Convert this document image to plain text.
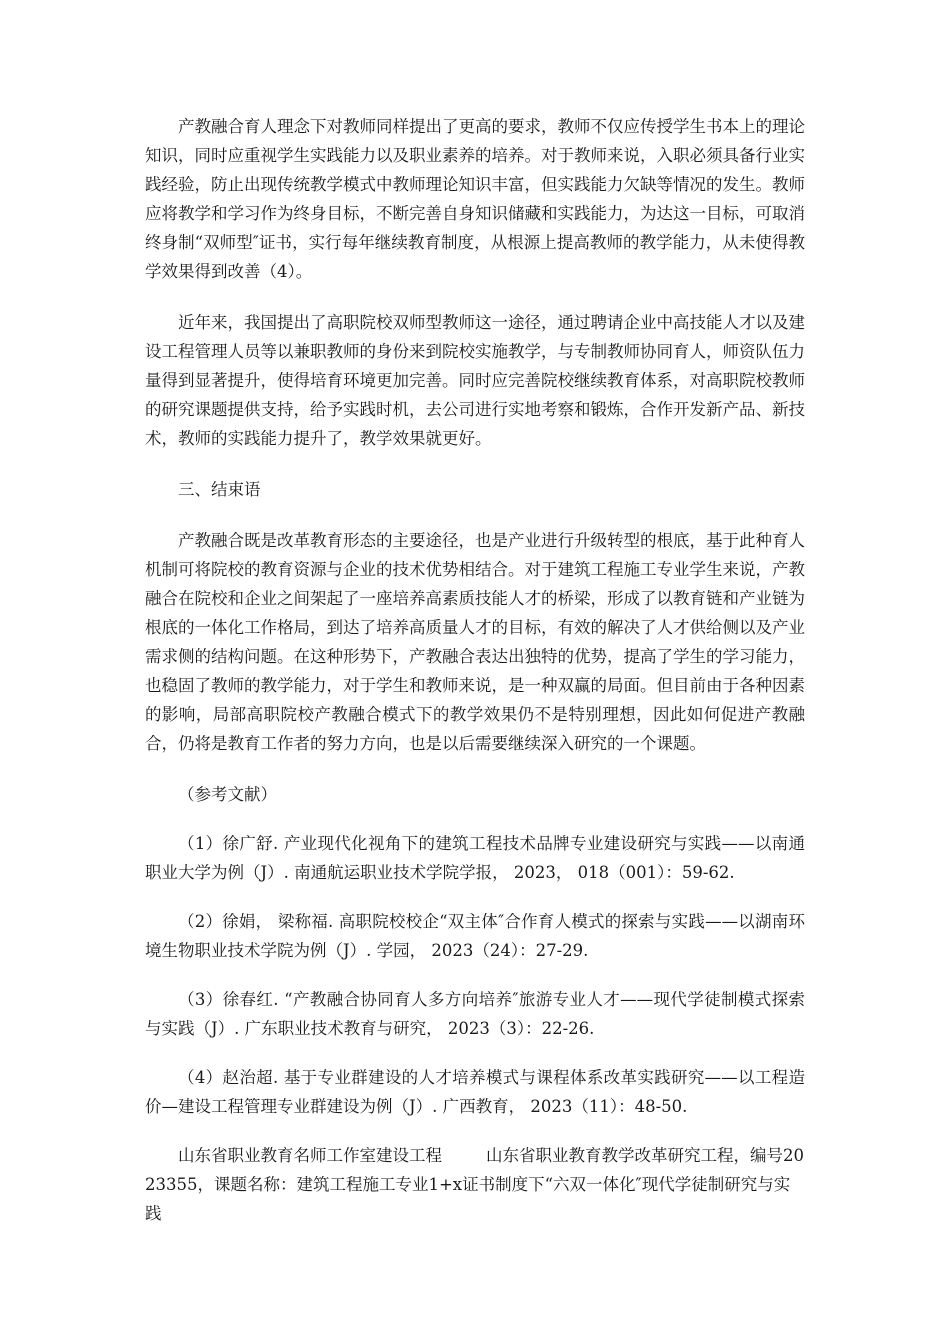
产教融合育人理念下对教师同样提出了更高的要求，教师不仅应传授学生书本上的理论知识，同时应重视学生实践能力以及职业素养的培养。对于教师来说，入职必须具备行业实践经验，防止出现传统教学模式中教师理论知识丰富，但实践能力欠缺等情况的发生。教师应将教学和学习作为终身目标，不断完善自身知识储藏和实践能力，为达这一目标，可取消终身制“双师型″证书，实行每年继续教育制度，从根源上提高教师的教学能力，从未使得教学效果得到改善（4）。

近年来，我国提出了高职院校双师型教师这一途径，通过聘请企业中高技能人才以及建设工程管理人员等以兼职教师的身份来到院校实施教学，与专制教师协同育人，师资队伍力量得到显著提升，使得培育环境更加完善。同时应完善院校继续教育体系，对高职院校教师的研究课题提供支持，给予实践时机，去公司进行实地考察和锻炼，合作开发新产品、新技术，教师的实践能力提升了，教学效果就更好。

三、结束语

产教融合既是改革教育形态的主要途径，也是产业进行升级转型的根底，基于此种育人机制可将院校的教育资源与企业的技术优势相结合。对于建筑工程施工专业学生来说，产教融合在院校和企业之间架起了一座培养高素质技能人才的桥梁，形成了以教育链和产业链为根底的一体化工作格局，到达了培养高质量人才的目标，有效的解决了人才供给侧以及产业需求侧的结构问题。在这种形势下，产教融合表达出独特的优势，提高了学生的学习能力，也稳固了教师的教学能力，对于学生和教师来说，是一种双赢的局面。但目前由于各种因素的影响，局部高职院校产教融合模式下的教学效果仍不是特别理想，因此如何促进产教融合，仍将是教育工作者的努力方向，也是以后需要继续深入研究的一个课题。

（参考文献）

（1）徐广舒. 产业现代化视角下的建筑工程技术品牌专业建设研究与实践——以南通职业大学为例（J）. 南通航运职业技术学院学报， 2023， 018（001）：59-62.

（2）徐娟， 梁称福. 高职院校校企“双主体″合作育人模式的探索与实践——以湖南环境生物职业技术学院为例（J）. 学园， 2023（24）：27-29.

（3）徐春红. “产教融合协同育人多方向培养″旅游专业人才——现代学徒制模式探索与实践（J）. 广东职业技术教育与研究， 2023（3）：22-26.

（4）赵治超. 基于专业群建设的人才培养模式与课程体系改革实践研究——以工程造价—建设工程管理专业群建设为例（J）. 广西教育， 2023（11）：48-50.

山东省职业教育名师工作室建设工程	山东省职业教育教学改革研究工程，编号2023355，课题名称：建筑工程施工专业1+x证书制度下“六双一体化″现代学徒制研究与实践
